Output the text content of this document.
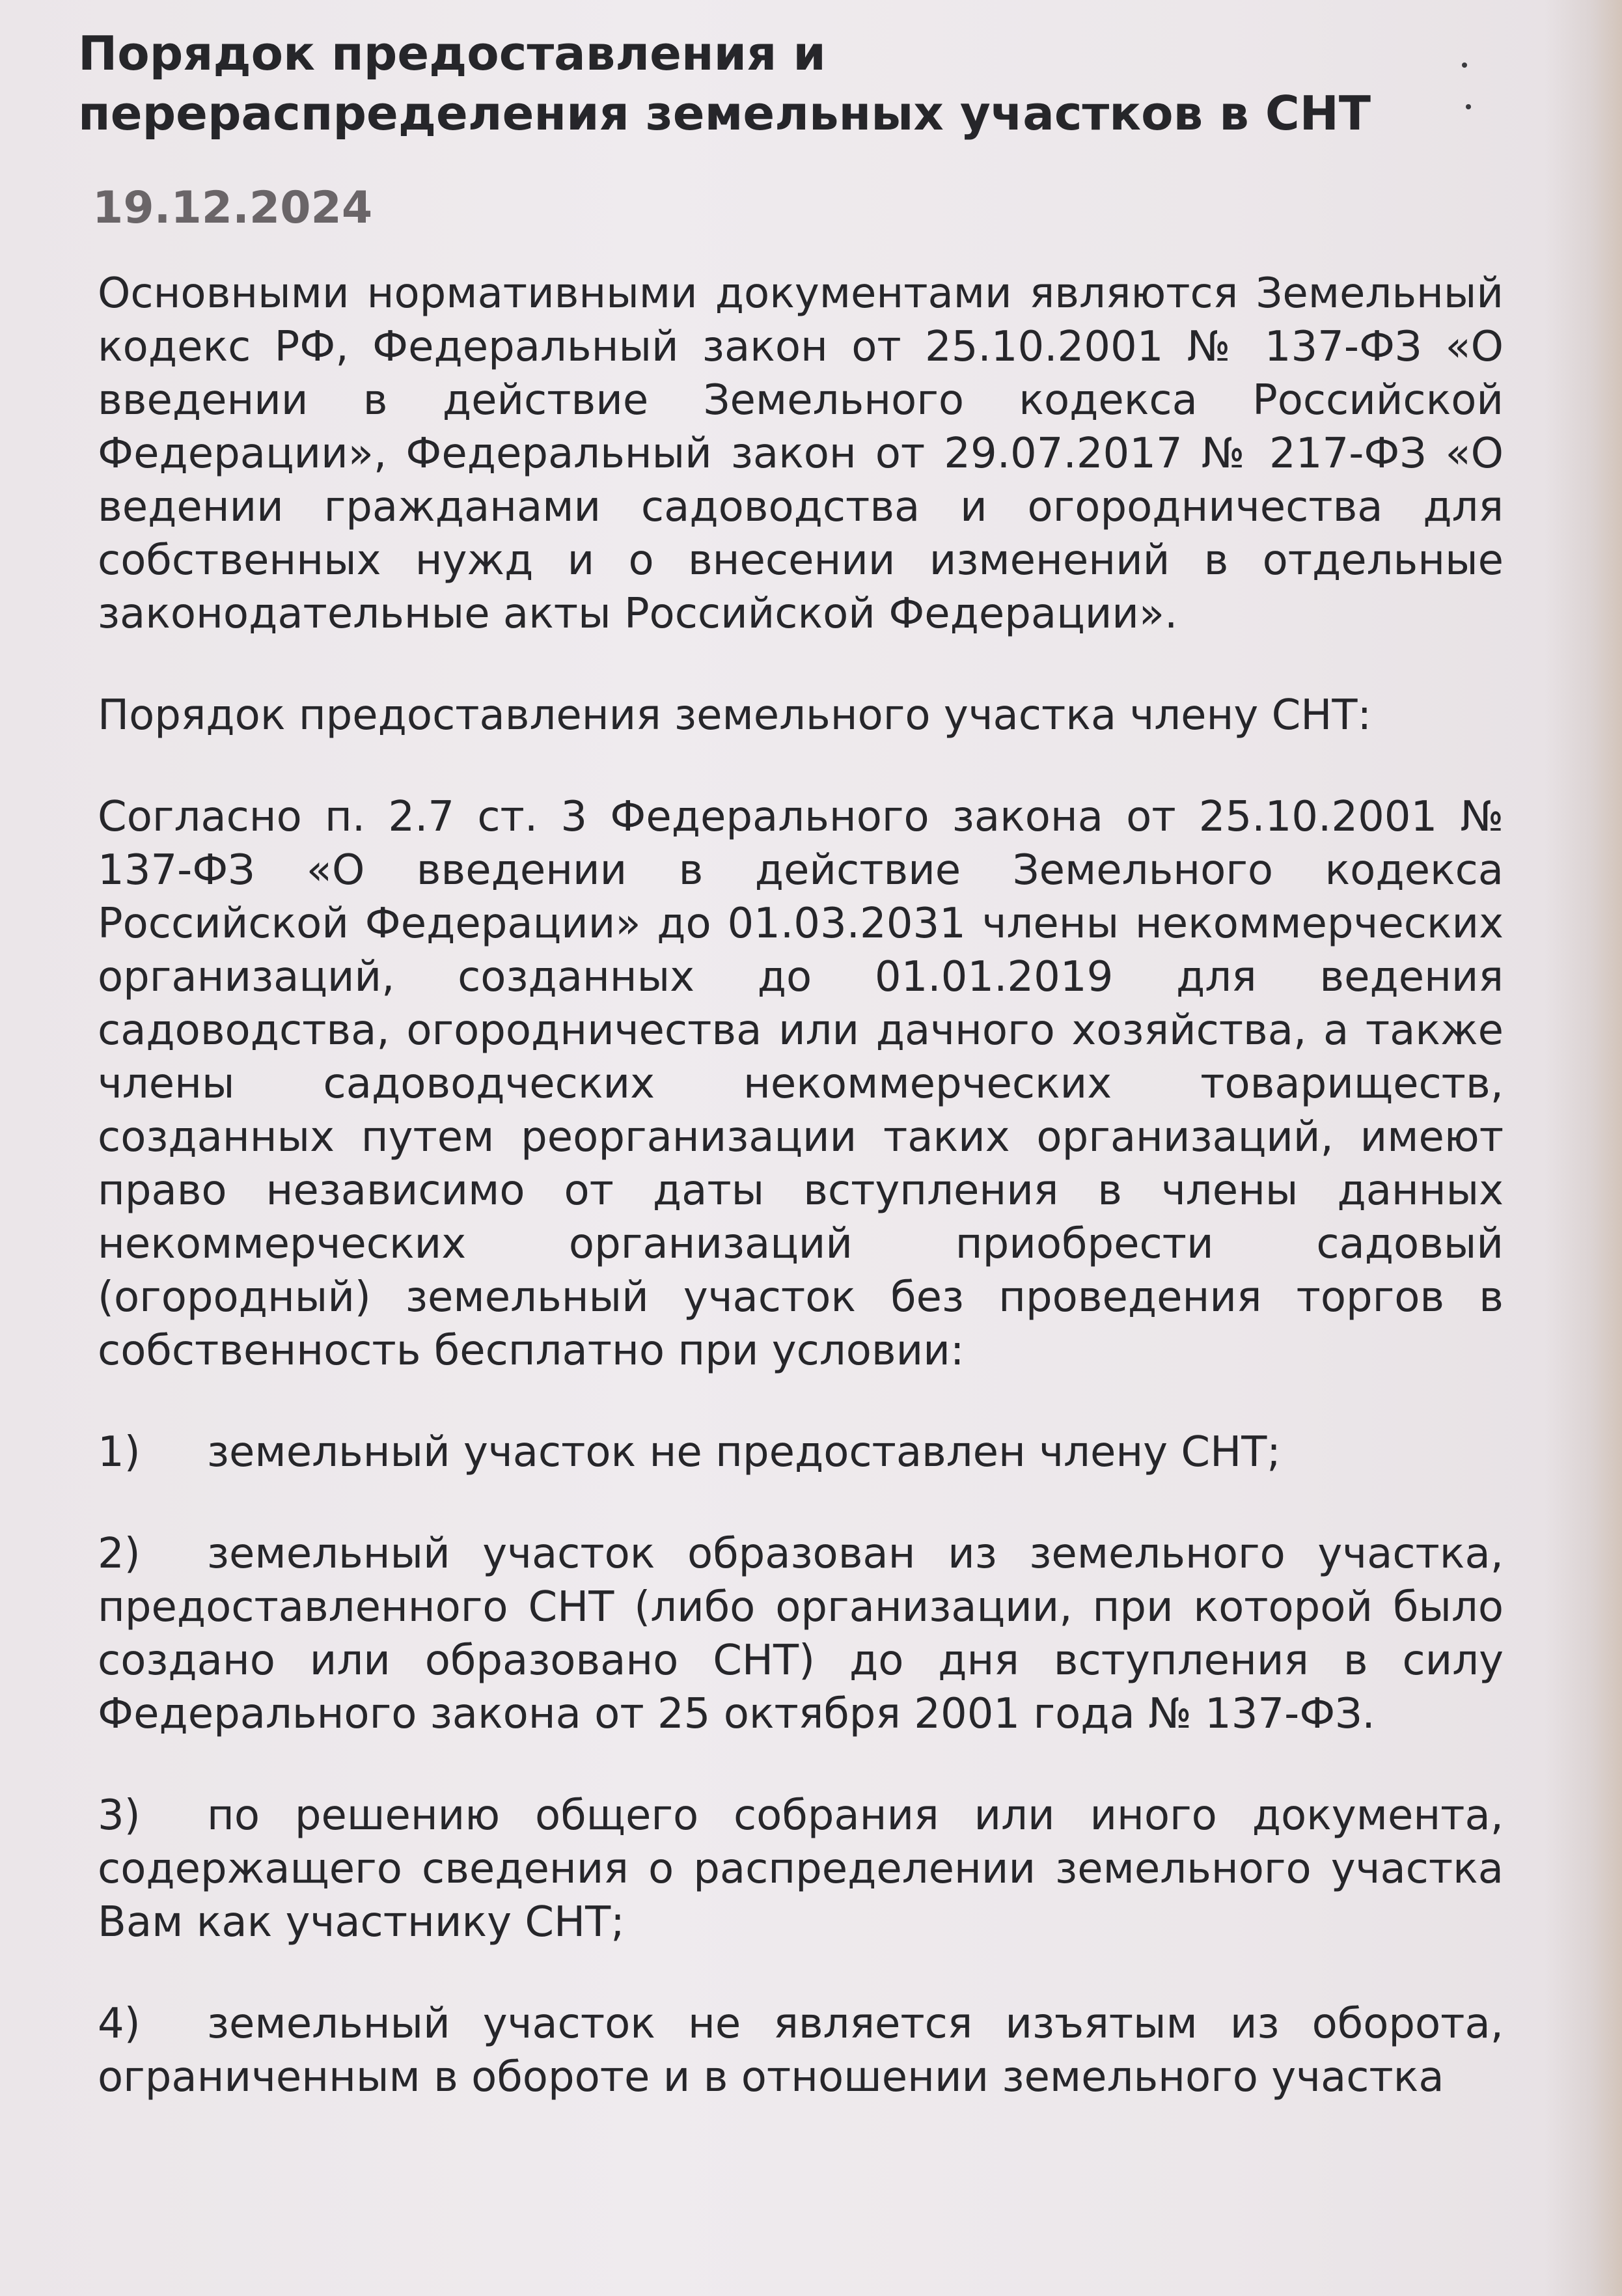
Порядок предоставления и перераспределения земельных участков в СНТ
19.12.2024

Основными нормативными документами являются Земельный кодекс РФ, Федеральный закон от 25.10.2001 № 137-ФЗ «О введении в действие Земельного кодекса Российской Федерации», Федеральный закон от 29.07.2017 № 217-ФЗ «О ведении гражданами садоводства и огородничества для собственных нужд и о внесении изменений в отдельные законодательные акты Российской Федерации».

Порядок предоставления земельного участка члену СНТ:

Согласно п. 2.7 ст. 3 Федерального закона от 25.10.2001 № 137-ФЗ «О введении в действие Земельного кодекса Российской Федерации» до 01.03.2031 члены некоммерческих организаций, созданных до 01.01.2019 для ведения садоводства, огородничества или дачного хозяйства, а также члены садоводческих некоммерческих товариществ, созданных путем реорганизации таких организаций, имеют право независимо от даты вступления в члены данных некоммерческих организаций приобрести садовый (огородный) земельный участок без проведения торгов в собственность бесплатно при условии:

1) земельный участок не предоставлен члену СНТ;

2) земельный участок образован из земельного участка, предоставленного СНТ (либо организации, при которой было создано или образовано СНТ) до дня вступления в силу Федерального закона от 25 октября 2001 года № 137-ФЗ.

3) по решению общего собрания или иного документа, содержащего сведения о распределении земельного участка Вам как участнику СНТ;

4) земельный участок не является изъятым из оборота, ограниченным в обороте и в отношении земельного участка
